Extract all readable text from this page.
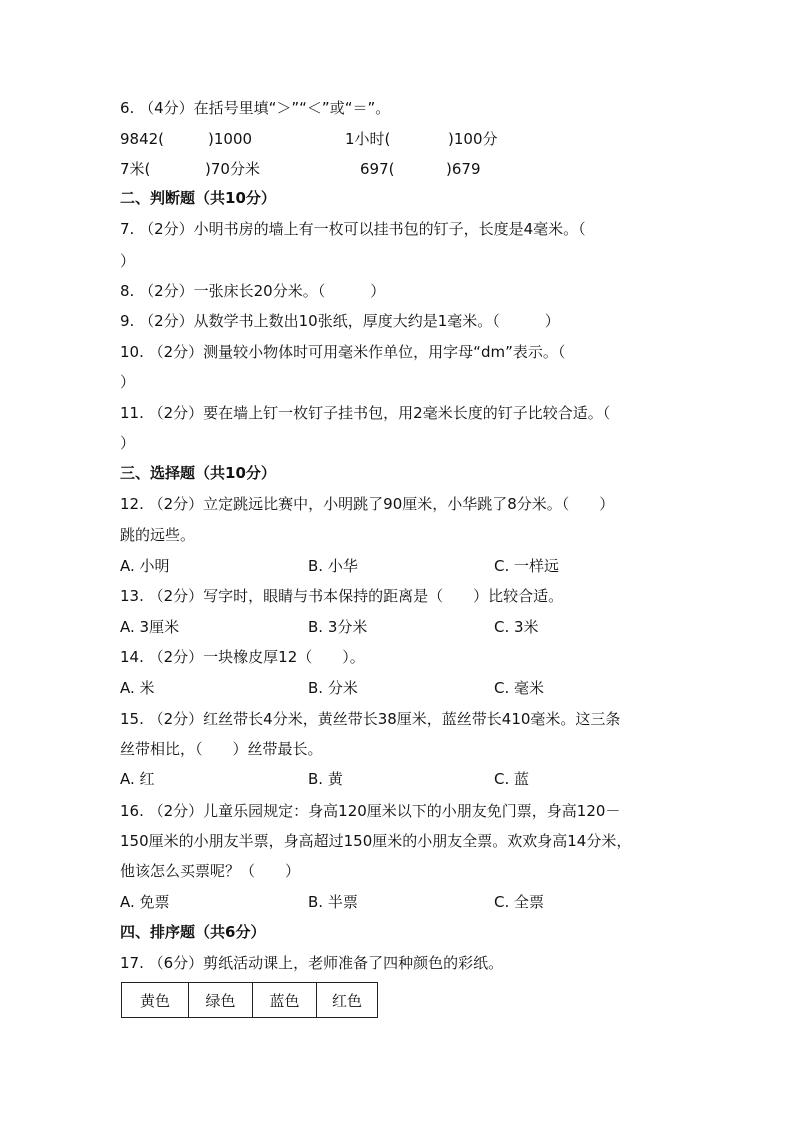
6. （4分）在括号里填“＞”“＜”或“＝”。
9842(	)1000	1小时(	)100分
7米(	)70分米	697(	)679
二、判断题（共10分）
7. （2分）小明书房的墙上有一枚可以挂书包的钉子，长度是4毫米。（
）
8. （2分）一张床长20分米。（　　　）
9. （2分）从数学书上数出10张纸，厚度大约是1毫米。（　　　）
10. （2分）测量较小物体时可用毫米作单位，用字母“dm”表示。（
）
11. （2分）要在墙上钉一枚钉子挂书包，用2毫米长度的钉子比较合适。（
）
三、选择题（共10分）
12. （2分）立定跳远比赛中，小明跳了90厘米，小华跳了8分米。（　　）
跳的远些。
A. 小明	B. 小华	C. 一样远
13. （2分）写字时，眼睛与书本保持的距离是（　　）比较合适。
A. 3厘米	B. 3分米	C. 3米
14. （2分）一块橡皮厚12（　　）。
A. 米	B. 分米	C. 毫米
15. （2分）红丝带长4分米，黄丝带长38厘米，蓝丝带长410毫米。这三条
丝带相比，（　　）丝带最长。
A. 红	B. 黄	C. 蓝
16. （2分）儿童乐园规定：身高120厘米以下的小朋友免门票，身高120－
150厘米的小朋友半票，身高超过150厘米的小朋友全票。欢欢身高14分米，
他该怎么买票呢？（　　）
A. 免票	B. 半票	C. 全票
四、排序题（共6分）
17. （6分）剪纸活动课上，老师准备了四种颜色的彩纸。
黄色	绿色	蓝色	红色
